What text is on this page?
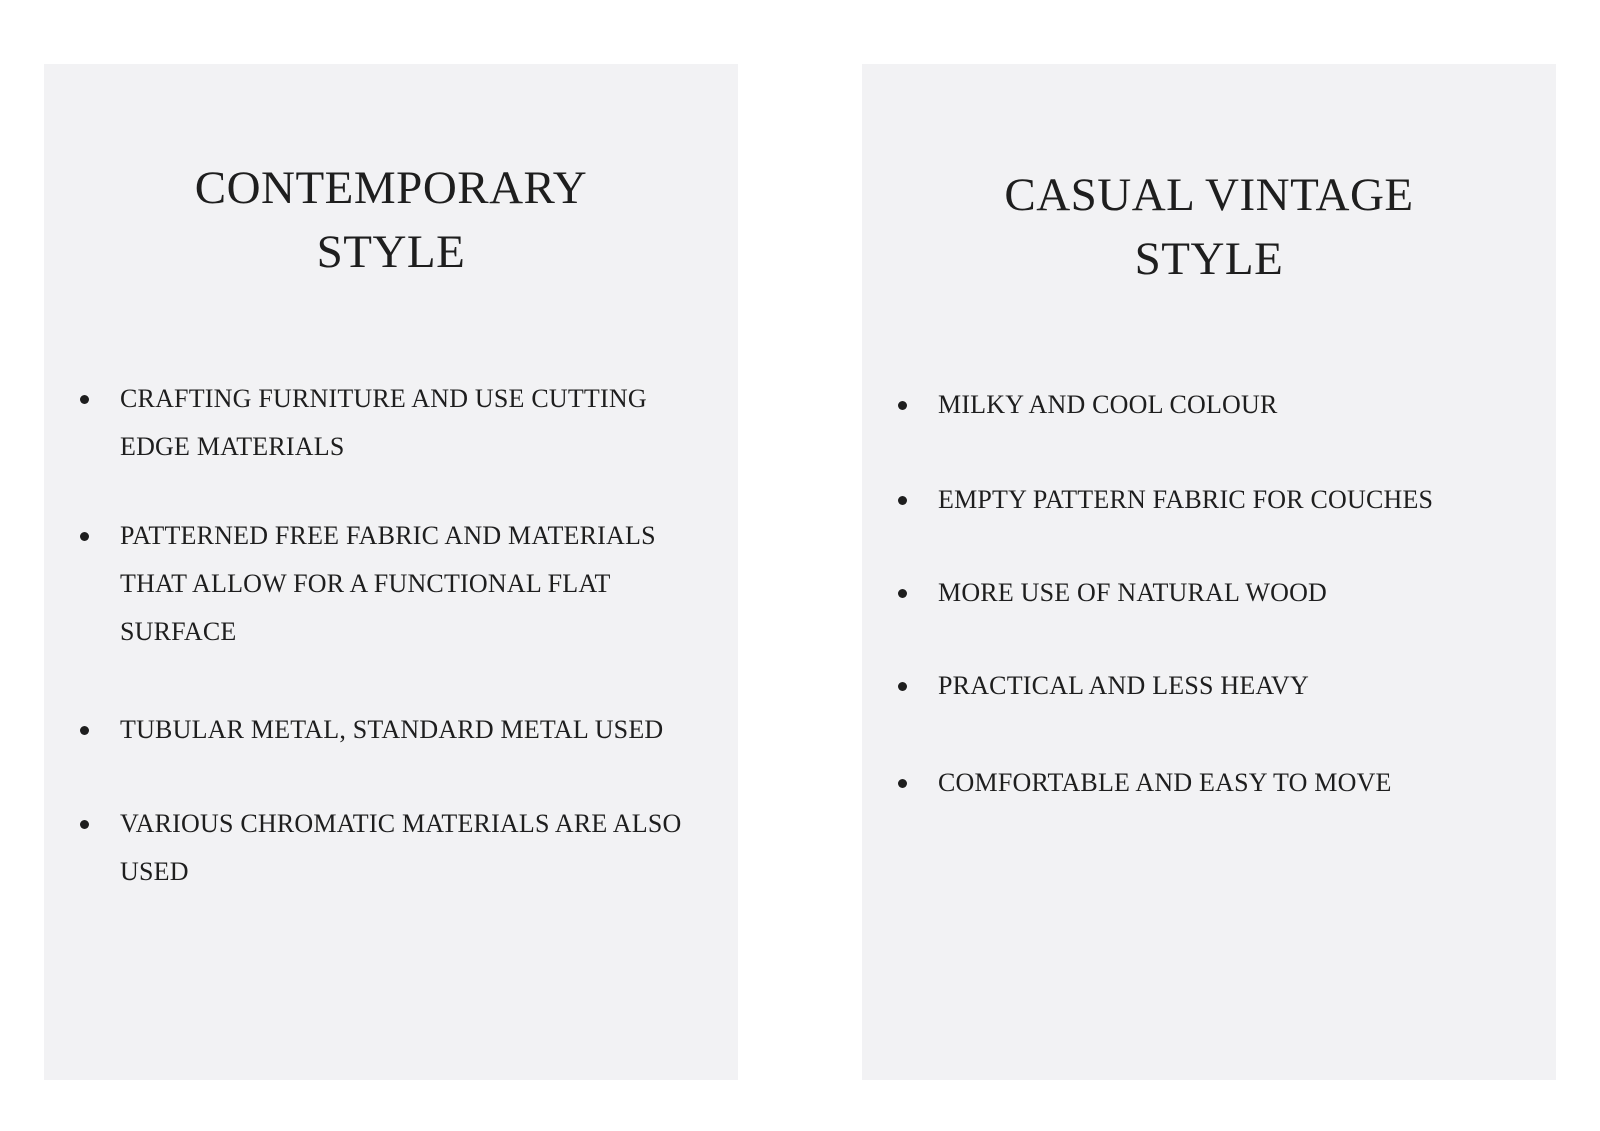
CONTEMPORARY
STYLE
CRAFTING FURNITURE AND USE CUTTING
EDGE MATERIALS
PATTERNED FREE FABRIC AND MATERIALS
THAT ALLOW FOR A FUNCTIONAL FLAT
SURFACE
TUBULAR METAL, STANDARD METAL USED
VARIOUS CHROMATIC MATERIALS ARE ALSO
USED
CASUAL VINTAGE
STYLE
MILKY AND COOL COLOUR
EMPTY PATTERN FABRIC FOR COUCHES
MORE USE OF NATURAL WOOD
PRACTICAL AND LESS HEAVY
COMFORTABLE AND EASY TO MOVE
